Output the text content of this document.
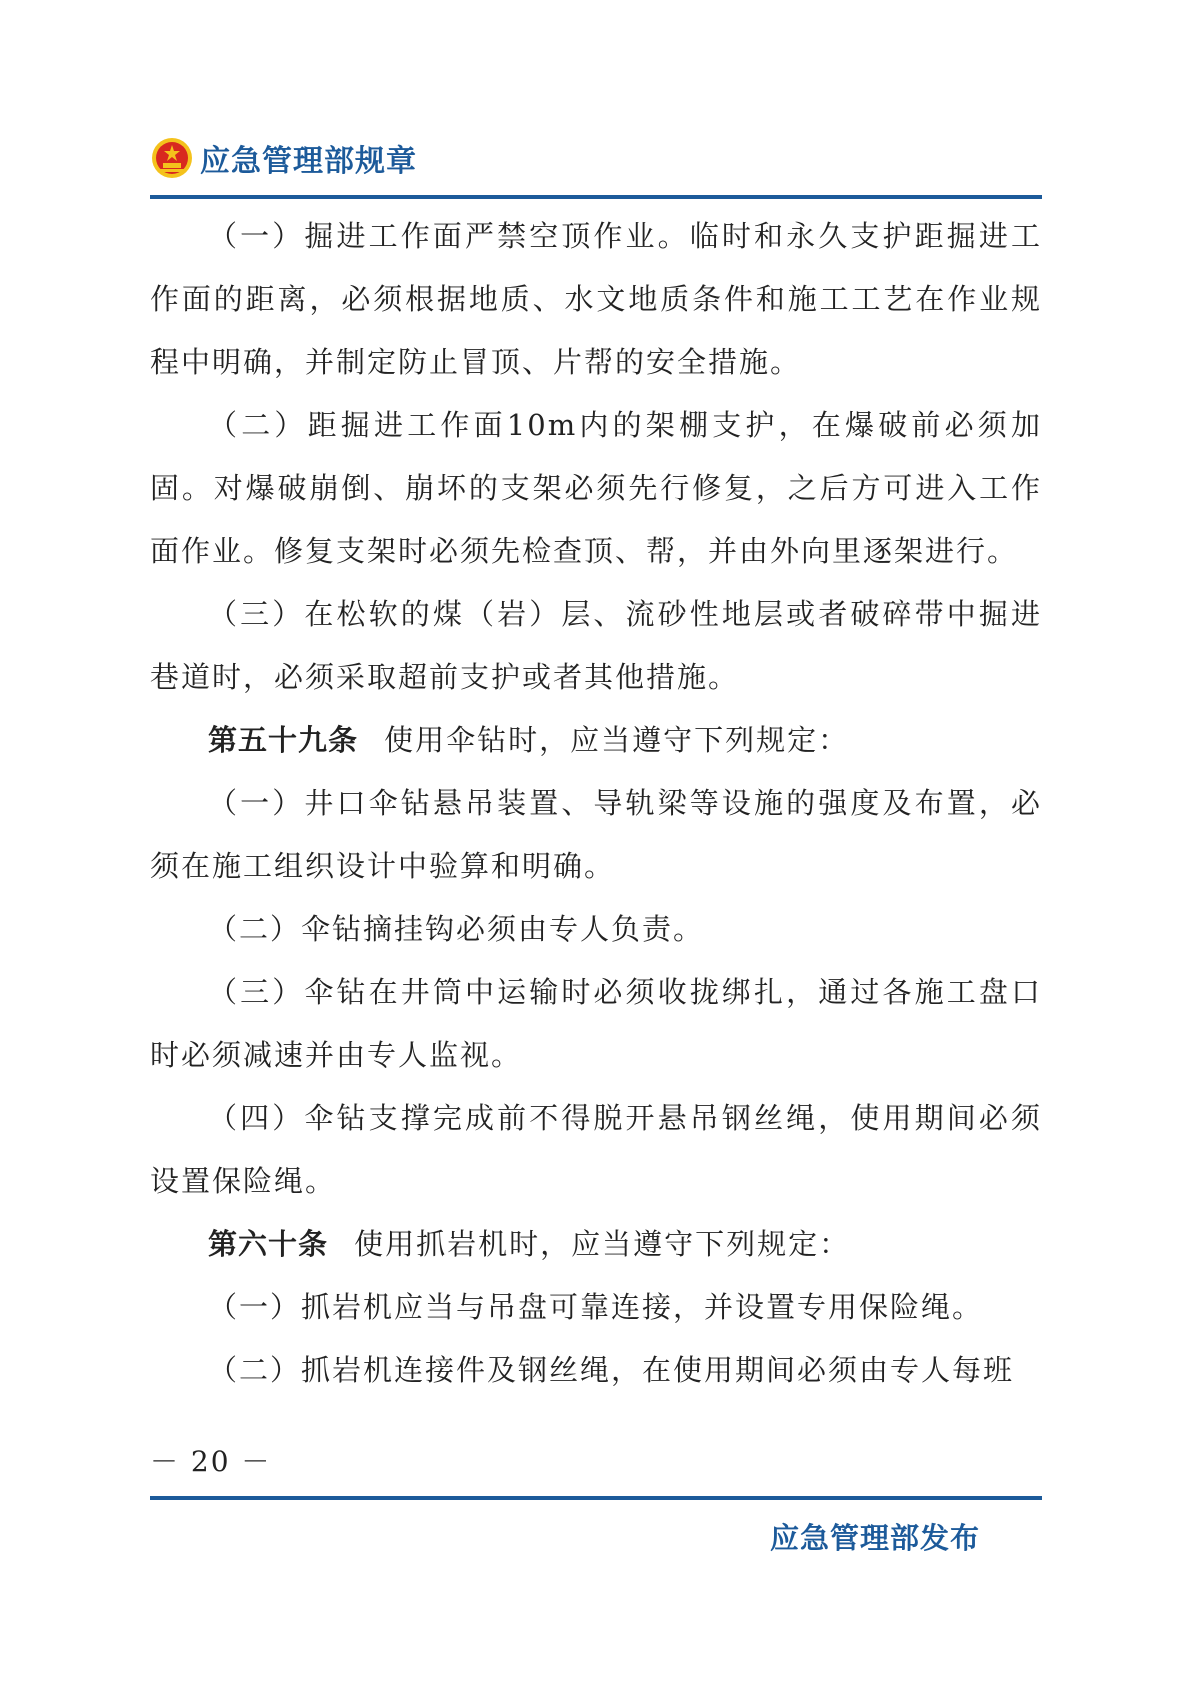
应急管理部规章

（一）掘进工作面严禁空顶作业。临时和永久支护距掘进工作面的距离，必须根据地质、水文地质条件和施工工艺在作业规程中明确，并制定防止冒顶、片帮的安全措施。

（二）距掘进工作面10m内的架棚支护，在爆破前必须加固。对爆破崩倒、崩坏的支架必须先行修复，之后方可进入工作面作业。修复支架时必须先检查顶、帮，并由外向里逐架进行。

（三）在松软的煤（岩）层、流砂性地层或者破碎带中掘进巷道时，必须采取超前支护或者其他措施。

第五十九条 使用伞钻时，应当遵守下列规定：

（一）井口伞钻悬吊装置、导轨梁等设施的强度及布置，必须在施工组织设计中验算和明确。

（二）伞钻摘挂钩必须由专人负责。

（三）伞钻在井筒中运输时必须收拢绑扎，通过各施工盘口时必须减速并由专人监视。

（四）伞钻支撑完成前不得脱开悬吊钢丝绳，使用期间必须设置保险绳。

第六十条 使用抓岩机时，应当遵守下列规定：

（一）抓岩机应当与吊盘可靠连接，并设置专用保险绳。

（二）抓岩机连接件及钢丝绳，在使用期间必须由专人每班

－ 20 －
应急管理部发布
